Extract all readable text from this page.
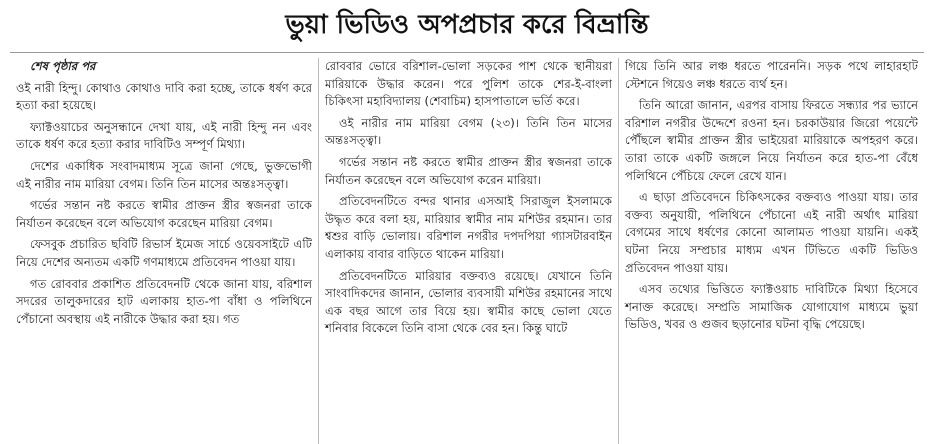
ভুয়া ভিডিও অপপ্রচার করে বিভ্রান্তি

শেষ পৃষ্ঠার পর

ওই নারী হিন্দু। কোথাও কোথাও দাবি করা হচ্ছে, তাকে ধর্ষণ করে হত্যা করা হয়েছে।

ফ্যাক্টওয়াচের অনুসন্ধানে দেখা যায়, এই নারী হিন্দু নন এবং তাকে ধর্ষণ করে হত্যা করার দাবিটিও সম্পূর্ণ মিথ্যা।

দেশের একাধিক সংবাদমাধ্যম সূত্রে জানা গেছে, ভুক্তভোগী এই নারীর নাম মারিয়া বেগম। তিনি তিন মাসের অন্তঃসত্ত্বা।

গর্ভের সন্তান নষ্ট করতে স্বামীর প্রাক্তন স্ত্রীর স্বজনরা তাকে নির্যাতন করেছেন বলে অভিযোগ করেছেন মারিয়া বেগম।

ফেসবুক প্রচারিত ছবিটি রিভার্স ইমেজ সার্চে ওয়েবসাইটে এটি নিয়ে দেশের অন্যতম একটি গণমাধ্যমে প্রতিবেদন পাওয়া যায়।

গত রোববার প্রকাশিত প্রতিবেদনটি থেকে জানা যায়, বরিশাল সদরের তালুকদারের হাট এলাকায় হাত-পা বাঁধা ও পলিথিনে পেঁচানো অবস্থায় এই নারীকে উদ্ধার করা হয়। গত

রোববার ভোরে বরিশাল-ভোলা সড়কের পাশ থেকে স্থানীয়রা মারিয়াকে উদ্ধার করেন। পরে পুলিশ তাকে শের-ই-বাংলা চিকিৎসা মহাবিদ্যালয় (শেবাচিম) হাসপাতালে ভর্তি করে।

ওই নারীর নাম মারিয়া বেগম (২৩)। তিনি তিন মাসের অন্তঃসত্ত্বা।

গর্ভের সন্তান নষ্ট করতে স্বামীর প্রাক্তন স্ত্রীর স্বজনরা তাকে নির্যাতন করেছেন বলে অভিযোগ করেন মারিয়া।

প্রতিবেদনটিতে বন্দর থানার এসআই সিরাজুল ইসলামকে উদ্ধৃত করে বলা হয়, মারিয়ার স্বামীর নাম মশিউর রহমান। তার শ্বশুর বাড়ি ভোলায়। বরিশাল নগরীর দপদপিয়া গ্যাসটারবাইন এলাকায় বাবার বাড়িতে থাকেন মারিয়া।

প্রতিবেদনটিতে মারিয়ার বক্তব্যও রয়েছে। যেখানে তিনি সাংবাদিকদের জানান, ভোলার ব্যবসায়ী মশিউর রহমানের সাথে এক বছর আগে তার বিয়ে হয়। স্বামীর কাছে ভোলা যেতে শনিবার বিকেলে তিনি বাসা থেকে বের হন। কিন্তু ঘাটে

গিয়ে তিনি আর লঞ্চ ধরতে পারেননি। সড়ক পথে লাহারহাট স্টেশনে গিয়েও লঞ্চ ধরতে ব্যর্থ হন।

তিনি আরো জানান, এরপর বাসায় ফিরতে সন্ধ্যার পর ভ্যানে বরিশাল নগরীর উদ্দেশে রওনা হন। চরকাউয়ার জিরো পয়েন্টে পৌঁছলে স্বামীর প্রাক্তন স্ত্রীর ভাইয়েরা মারিয়াকে অপহরণ করে। তারা তাকে একটি জঙ্গলে নিয়ে নির্যাতন করে হাত-পা বেঁধে পলিথিনে পেঁচিয়ে ফেলে রেখে যান।

এ ছাড়া প্রতিবেদনে চিকিৎসকের বক্তব্যও পাওয়া যায়। তার বক্তব্য অনুযায়ী, পলিথিনে পেঁচানো এই নারী অর্থাৎ মারিয়া বেগমের সাথে ধর্ষণের কোনো আলামত পাওয়া যায়নি। একই ঘটনা নিয়ে সম্প্রচার মাধ্যম এখন টিভিতে একটি ভিডিও প্রতিবেদন পাওয়া যায়।

এসব তথ্যের ভিত্তিতে ফ্যাক্টওয়াচ দাবিটিকে মিথ্যা হিসেবে শনাক্ত করেছে। সম্প্রতি সামাজিক যোগাযোগ মাধ্যমে ভুয়া ভিডিও, খবর ও গুজব ছড়ানোর ঘটনা বৃদ্ধি পেয়েছে।
